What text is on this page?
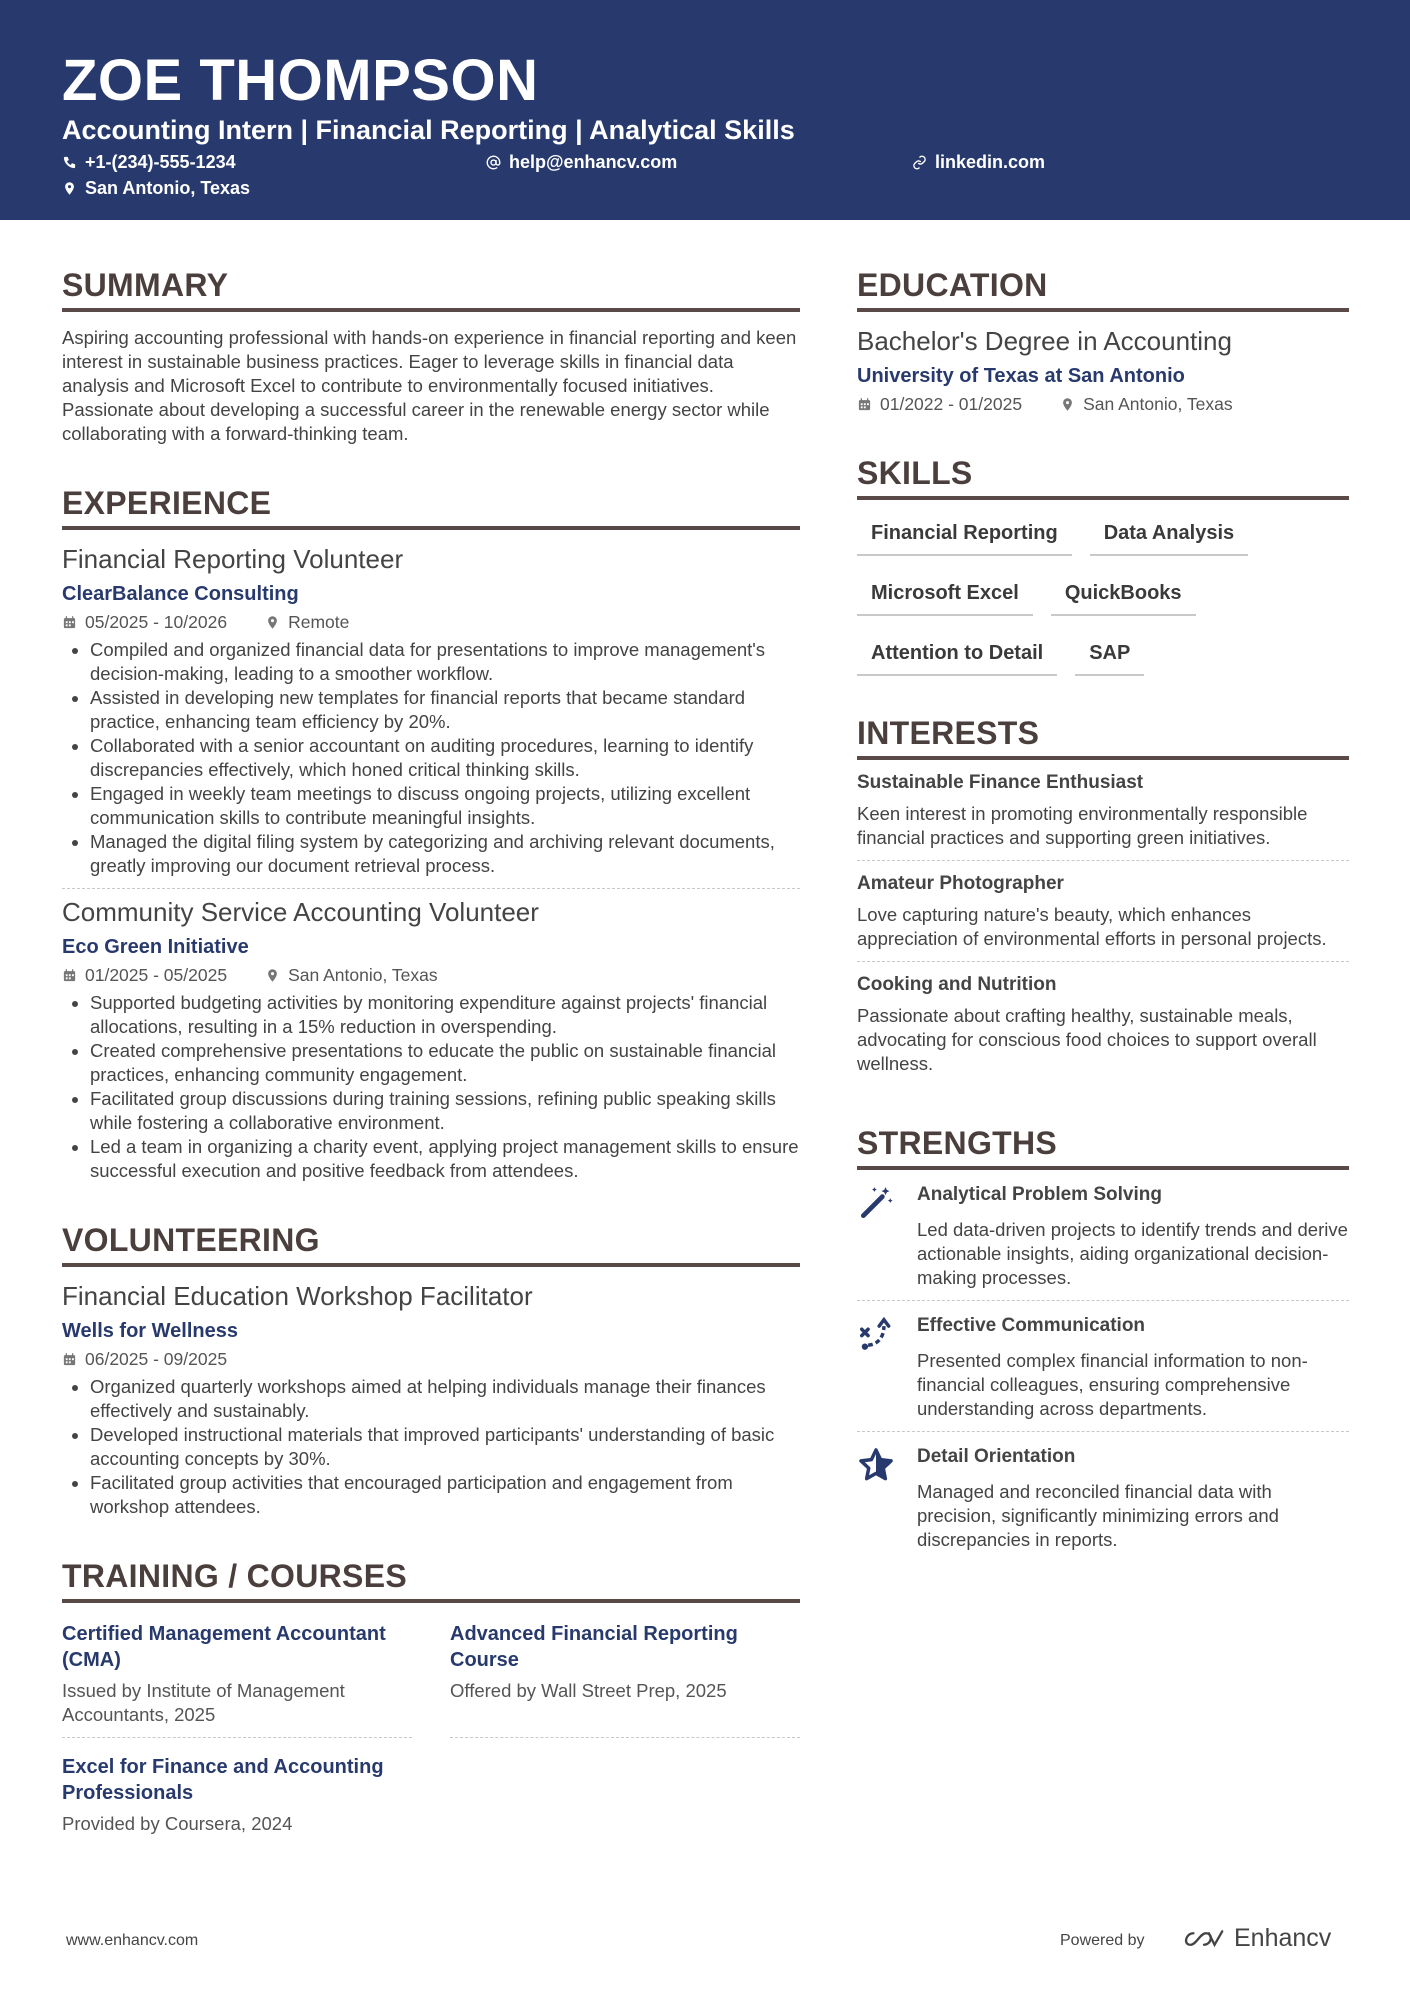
ZOE THOMPSON
Accounting Intern | Financial Reporting | Analytical Skills
+1-(234)-555-1234	help@enhancv.com	linkedin.com
San Antonio, Texas
SUMMARY
Aspiring accounting professional with hands-on experience in financial reporting and keen interest in sustainable business practices. Eager to leverage skills in financial data analysis and Microsoft Excel to contribute to environmentally focused initiatives. Passionate about developing a successful career in the renewable energy sector while collaborating with a forward-thinking team.
EXPERIENCE
Financial Reporting Volunteer
ClearBalance Consulting
05/2025 - 10/2026	Remote
• Compiled and organized financial data for presentations to improve management's decision-making, leading to a smoother workflow.
• Assisted in developing new templates for financial reports that became standard practice, enhancing team efficiency by 20%.
• Collaborated with a senior accountant on auditing procedures, learning to identify discrepancies effectively, which honed critical thinking skills.
• Engaged in weekly team meetings to discuss ongoing projects, utilizing excellent communication skills to contribute meaningful insights.
• Managed the digital filing system by categorizing and archiving relevant documents, greatly improving our document retrieval process.
Community Service Accounting Volunteer
Eco Green Initiative
01/2025 - 05/2025	San Antonio, Texas
• Supported budgeting activities by monitoring expenditure against projects' financial allocations, resulting in a 15% reduction in overspending.
• Created comprehensive presentations to educate the public on sustainable financial practices, enhancing community engagement.
• Facilitated group discussions during training sessions, refining public speaking skills while fostering a collaborative environment.
• Led a team in organizing a charity event, applying project management skills to ensure successful execution and positive feedback from attendees.
VOLUNTEERING
Financial Education Workshop Facilitator
Wells for Wellness
06/2025 - 09/2025
• Organized quarterly workshops aimed at helping individuals manage their finances effectively and sustainably.
• Developed instructional materials that improved participants' understanding of basic accounting concepts by 30%.
• Facilitated group activities that encouraged participation and engagement from workshop attendees.
TRAINING / COURSES
Certified Management Accountant (CMA)
Issued by Institute of Management Accountants, 2025
Advanced Financial Reporting Course
Offered by Wall Street Prep, 2025
Excel for Finance and Accounting Professionals
Provided by Coursera, 2024
EDUCATION
Bachelor's Degree in Accounting
University of Texas at San Antonio
01/2022 - 01/2025	San Antonio, Texas
SKILLS
Financial Reporting	Data Analysis
Microsoft Excel	QuickBooks
Attention to Detail	SAP
INTERESTS
Sustainable Finance Enthusiast
Keen interest in promoting environmentally responsible financial practices and supporting green initiatives.
Amateur Photographer
Love capturing nature's beauty, which enhances appreciation of environmental efforts in personal projects.
Cooking and Nutrition
Passionate about crafting healthy, sustainable meals, advocating for conscious food choices to support overall wellness.
STRENGTHS
Analytical Problem Solving
Led data-driven projects to identify trends and derive actionable insights, aiding organizational decision-making processes.
Effective Communication
Presented complex financial information to non-financial colleagues, ensuring comprehensive understanding across departments.
Detail Orientation
Managed and reconciled financial data with precision, significantly minimizing errors and discrepancies in reports.
www.enhancv.com	Powered by	Enhancv
